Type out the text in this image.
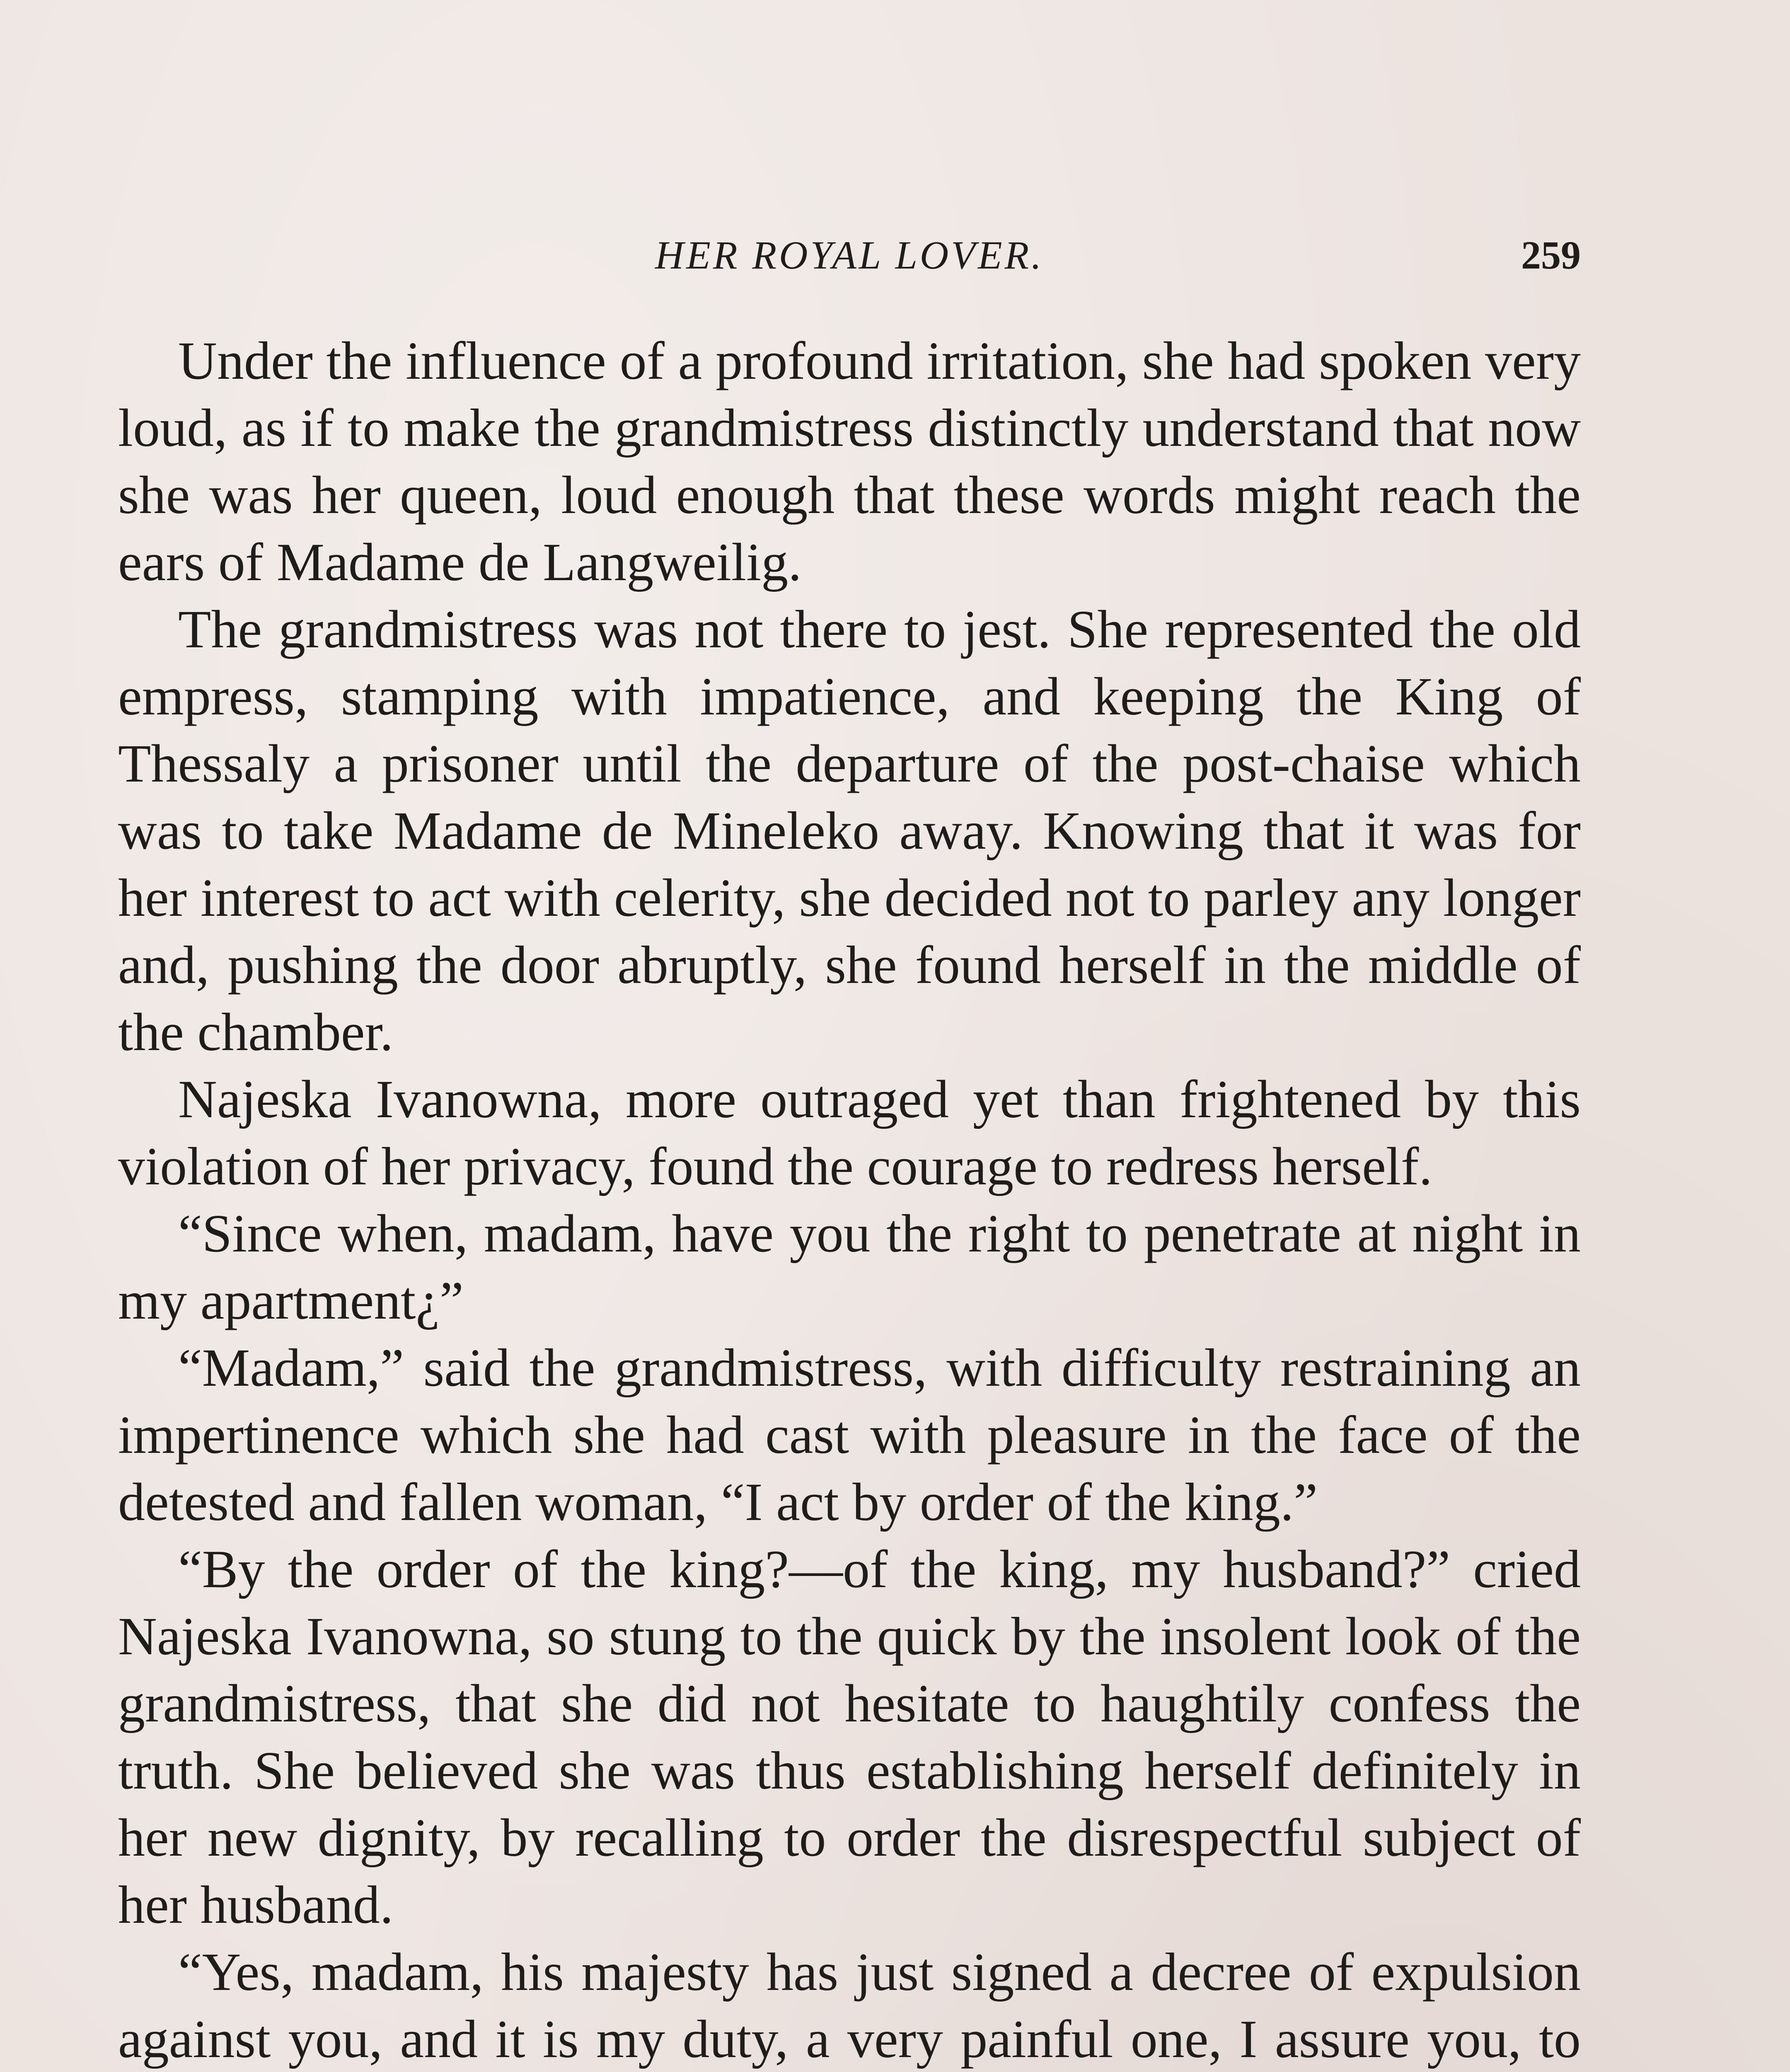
HER ROYAL LOVER.	259

Under the influence of a profound irritation, she had spoken very loud, as if to make the grandmistress distinctly understand that now she was her queen, loud enough that these words might reach the ears of Madame de Langweilig.

The grandmistress was not there to jest. She represented the old empress, stamping with impatience, and keeping the King of Thessaly a prisoner until the departure of the post-chaise which was to take Madame de Mineleko away. Knowing that it was for her interest to act with celerity, she decided not to parley any longer and, pushing the door abruptly, she found herself in the middle of the chamber.

Najeska Ivanowna, more outraged yet than frightened by this violation of her privacy, found the courage to redress herself.

“Since when, madam, have you the right to penetrate at night in my apartment¿”

“Madam,” said the grandmistress, with difficulty restraining an impertinence which she had cast with pleasure in the face of the detested and fallen woman, “I act by order of the king.”

“By the order of the king?—of the king, my husband?” cried Najeska Ivanowna, so stung to the quick by the insolent look of the grandmistress, that she did not hesitate to haughtily confess the truth. She believed she was thus establishing herself definitely in her new dignity, by recalling to order the disrespectful subject of her husband.

“Yes, madam, his majesty has just signed a decree of expulsion against you, and it is my duty, a very painful one, I assure you, to
